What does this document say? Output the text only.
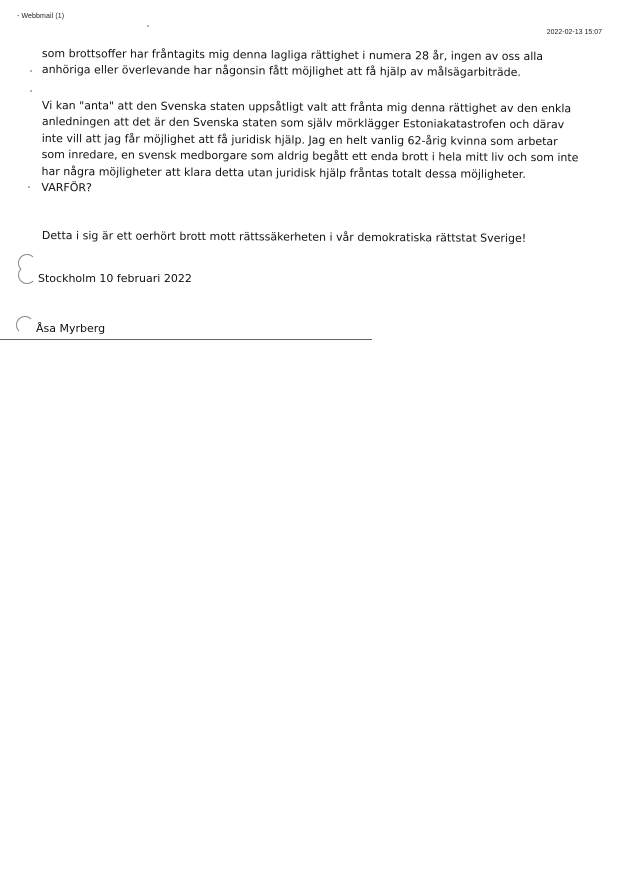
- Webbmail (1)
2022-02-13 15:07
som brottsoffer har fråntagits mig denna lagliga rättighet i numera 28 år, ingen av oss alla
anhöriga eller överlevande har någonsin fått möjlighet att få hjälp av målsägarbiträde.
Vi kan "anta" att den Svenska staten uppsåtligt valt att frånta mig denna rättighet av den enkla
anledningen att det är den Svenska staten som själv mörklägger Estoniakatastrofen och därav
inte vill att jag får möjlighet att få juridisk hjälp. Jag en helt vanlig 62-årig kvinna som arbetar
som inredare, en svensk medborgare som aldrig begått ett enda brott i hela mitt liv och som inte
har några möjligheter att klara detta utan juridisk hjälp fråntas totalt dessa möjligheter.
VARFÖR?
Detta i sig är ett oerhört brott mott rättssäkerheten i vår demokratiska rättstat Sverige!
Stockholm 10 februari 2022
Åsa Myrberg
